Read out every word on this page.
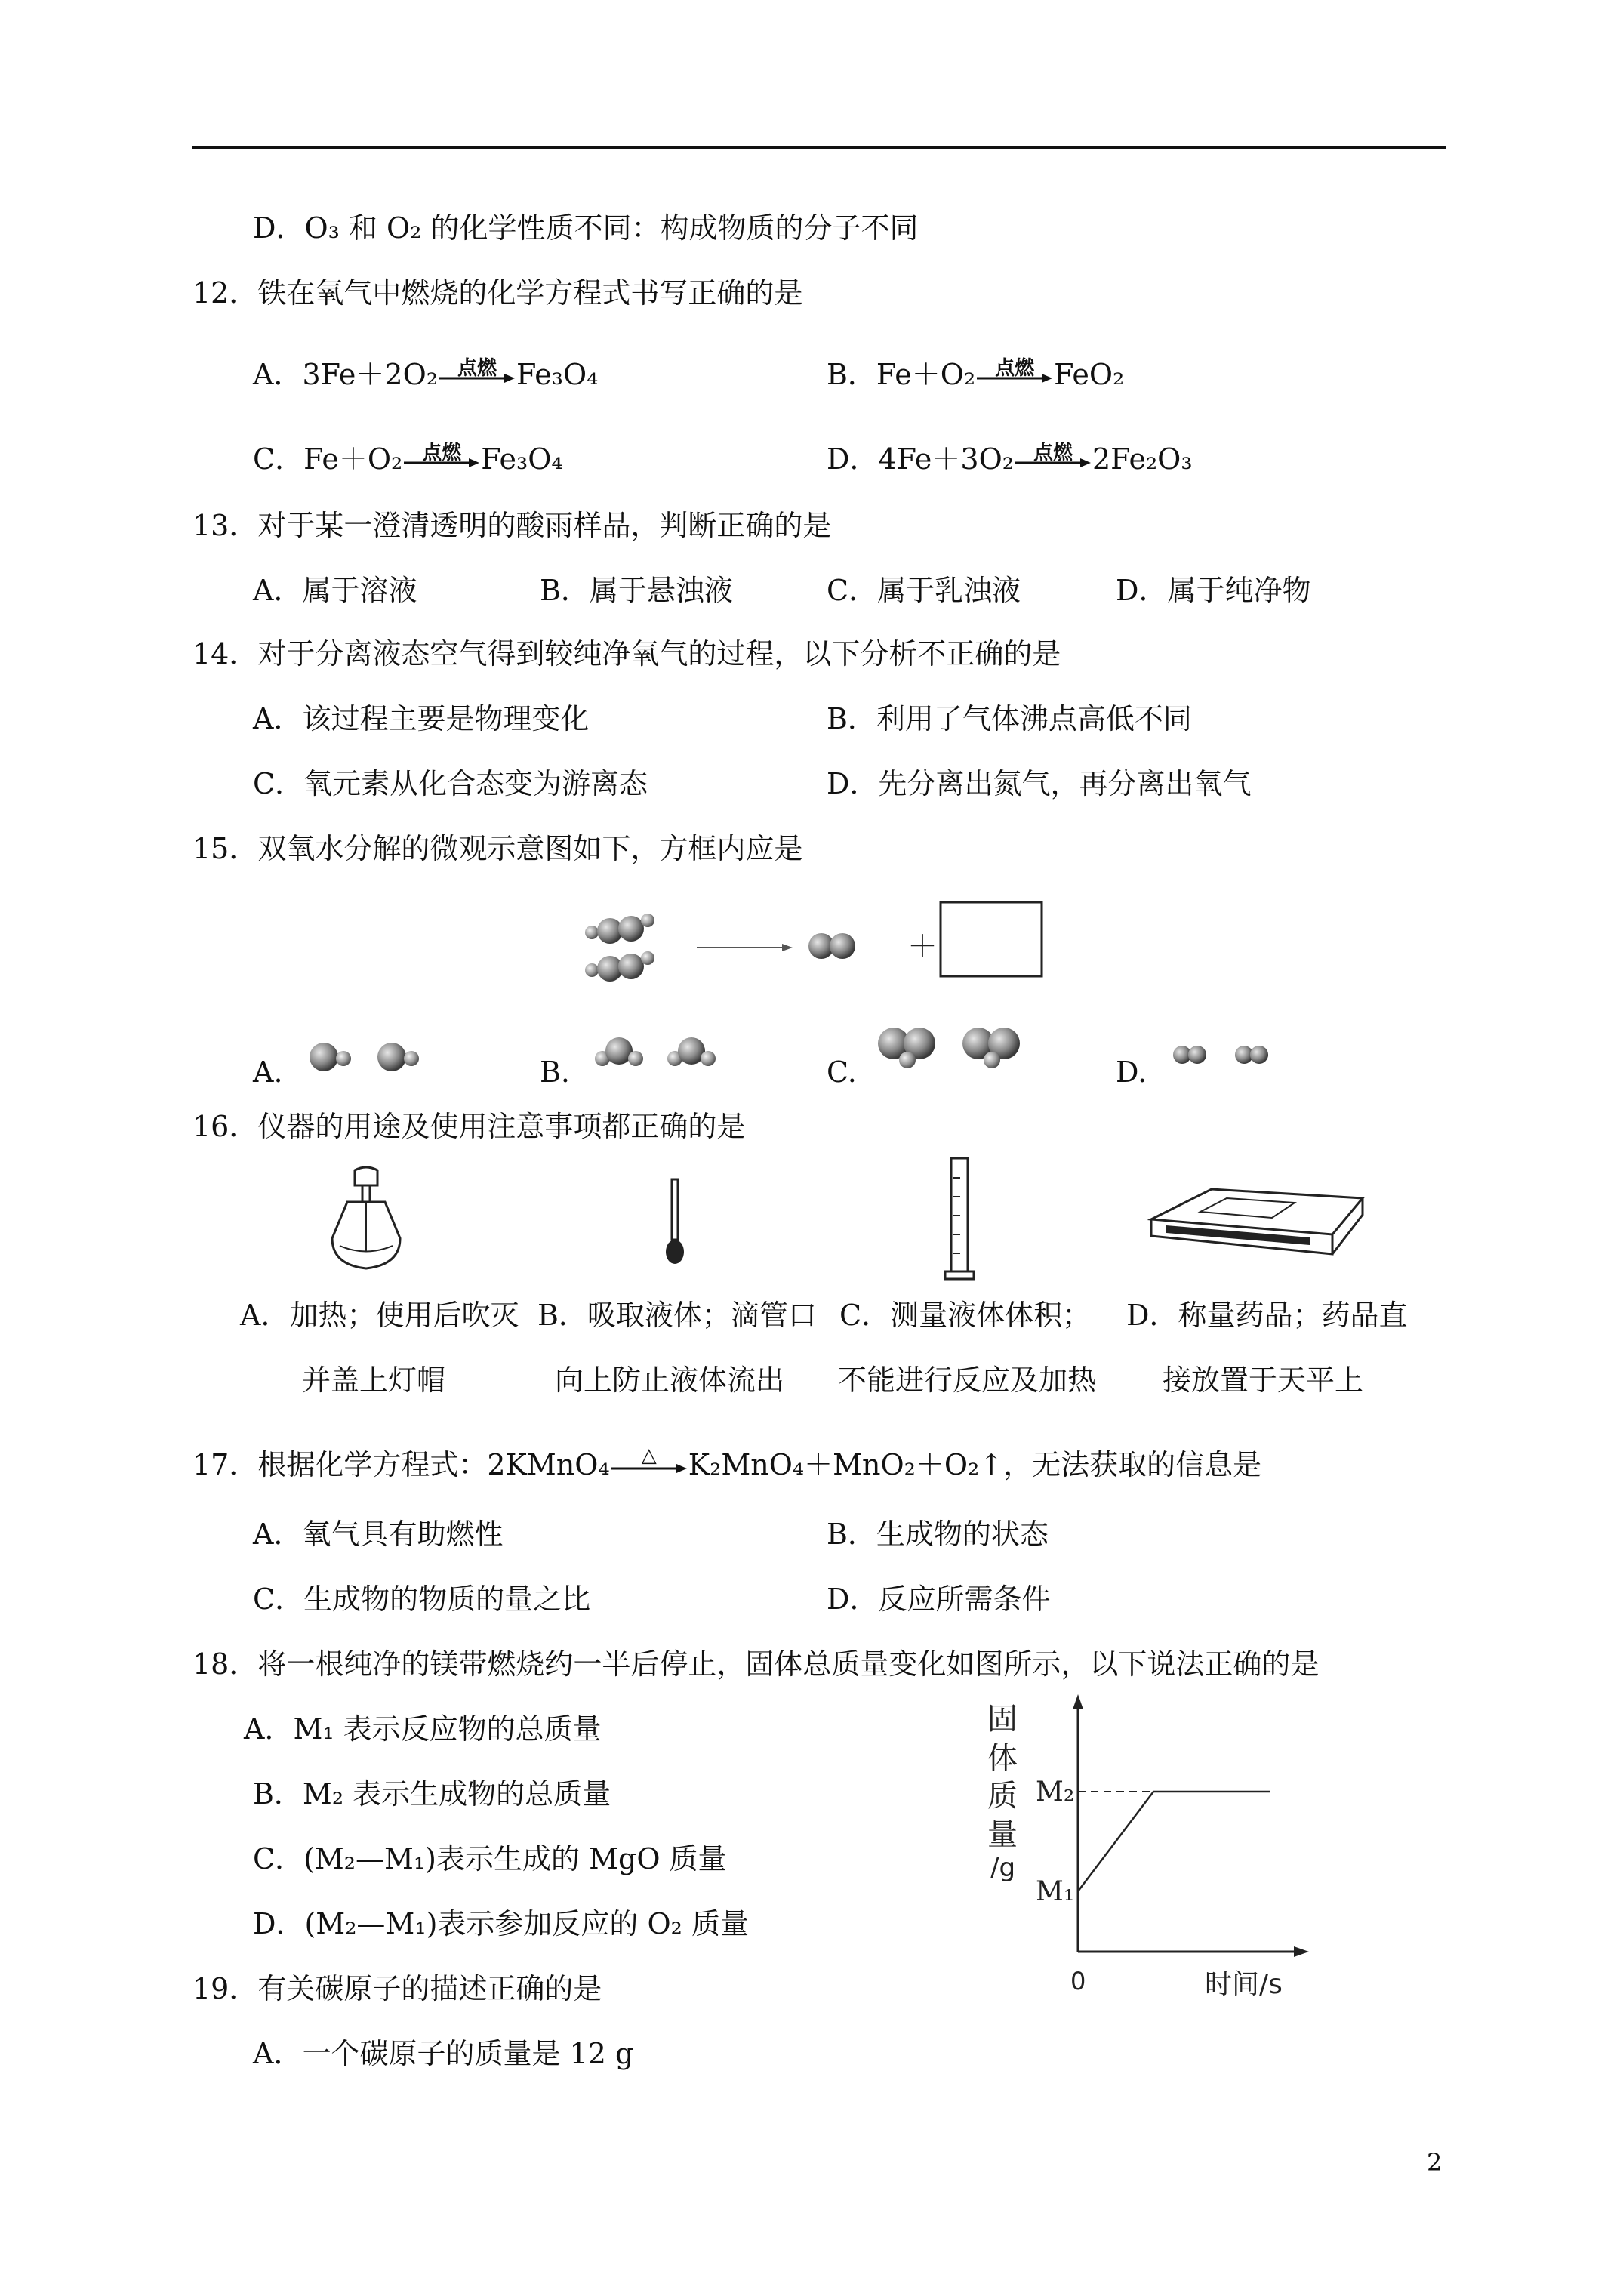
D．O₃ 和 O₂ 的化学性质不同：构成物质的分子不同
12．铁在氧气中燃烧的化学方程式书写正确的是
A．3Fe＋2O₂ 点燃 Fe₃O₄	B．Fe＋O₂ 点燃 FeO₂
C．Fe＋O₂ 点燃 Fe₃O₄	D．4Fe＋3O₂ 点燃 2Fe₂O₃
13．对于某一澄清透明的酸雨样品，判断正确的是
A．属于溶液	B．属于悬浊液	C．属于乳浊液	D．属于纯净物
14．对于分离液态空气得到较纯净氧气的过程，以下分析不正确的是
A．该过程主要是物理变化	B．利用了气体沸点高低不同
C．氧元素从化合态变为游离态	D．先分离出氮气，再分离出氧气
15．双氧水分解的微观示意图如下，方框内应是
＋
A.	B.	C.	D.
16．仪器的用途及使用注意事项都正确的是
A．加热；使用后吹灭
并盖上灯帽
B．吸取液体；滴管口
向上防止液体流出
C．测量液体体积；
不能进行反应及加热
D．称量药品；药品直
接放置于天平上
17．根据化学方程式：2KMnO₄	△	K₂MnO₄＋MnO₂＋O₂↑，无法获取的信息是
A．氧气具有助燃性	B．生成物的状态
C．生成物的物质的量之比	D．反应所需条件
18．将一根纯净的镁带燃烧约一半后停止，固体总质量变化如图所示，以下说法正确的是
A．M₁ 表示反应物的总质量
B．M₂ 表示生成物的总质量
C．(M₂—M₁)表示生成的 MgO 质量
D．(M₂—M₁)表示参加反应的 O₂ 质量
固
体
质
量
/g
M₁
M₂
0	时间/s
19．有关碳原子的描述正确的是
A．一个碳原子的质量是 12 g
2
